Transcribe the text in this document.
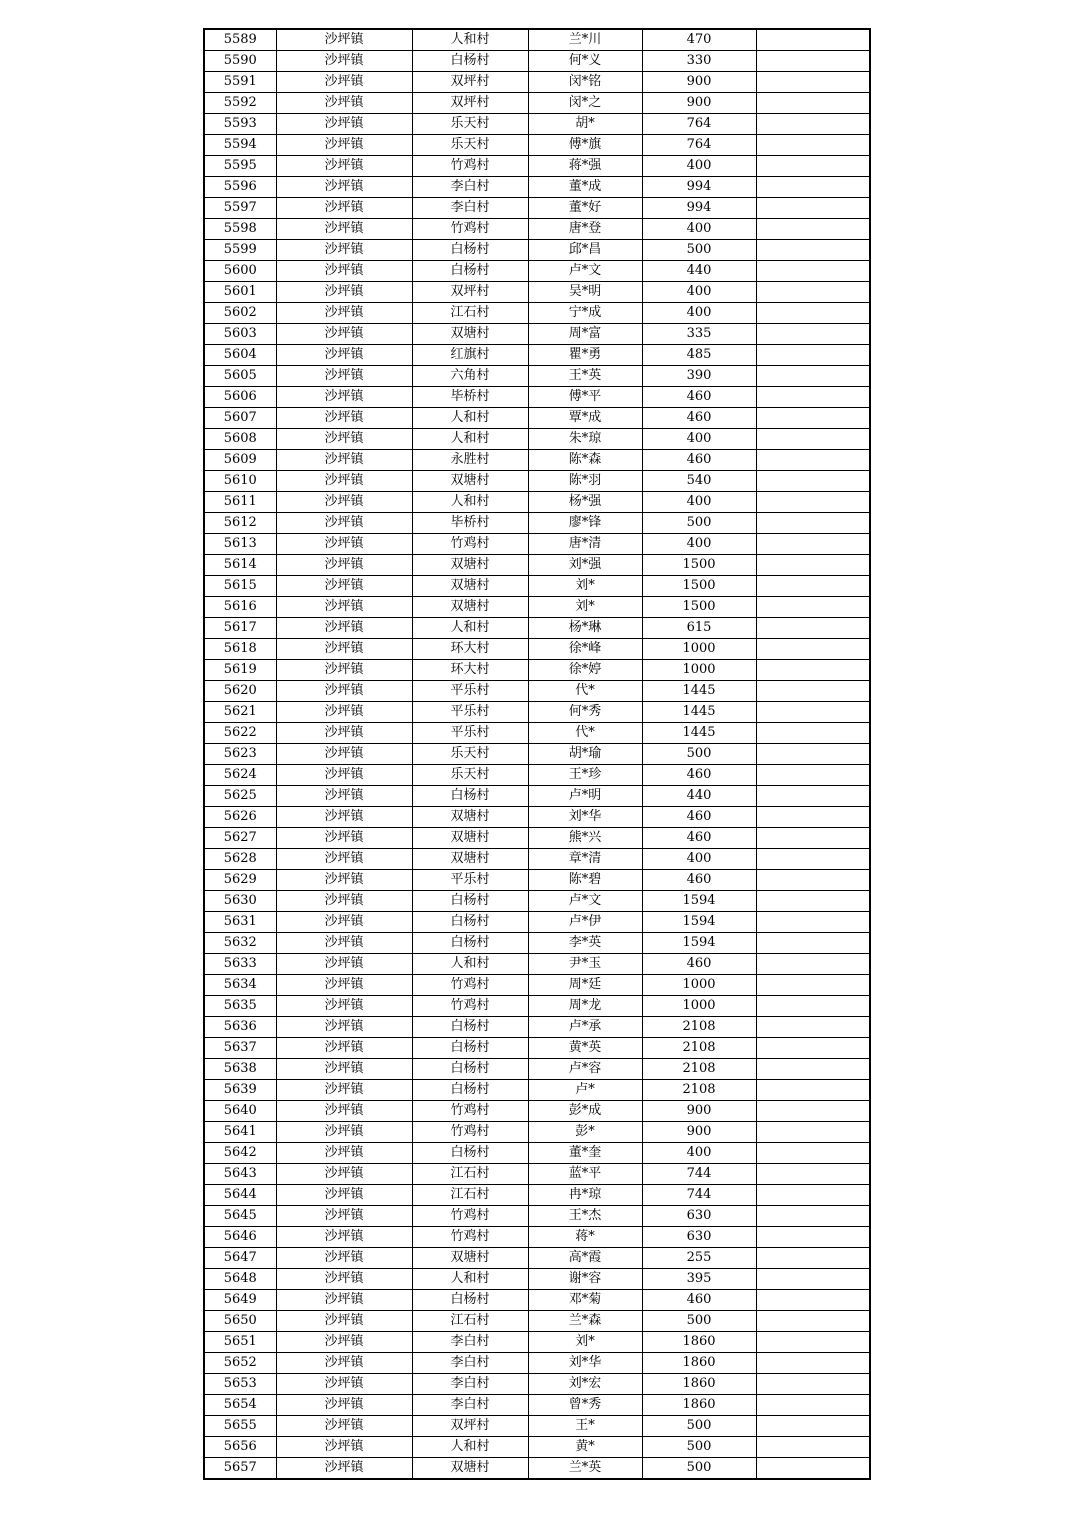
5589	沙坪镇	人和村	兰*川	470	
5590	沙坪镇	白杨村	何*义	330	
5591	沙坪镇	双坪村	闵*铭	900	
5592	沙坪镇	双坪村	闵*之	900	
5593	沙坪镇	乐天村	胡*	764	
5594	沙坪镇	乐天村	傅*旗	764	
5595	沙坪镇	竹鸡村	蒋*强	400	
5596	沙坪镇	李白村	董*成	994	
5597	沙坪镇	李白村	董*好	994	
5598	沙坪镇	竹鸡村	唐*登	400	
5599	沙坪镇	白杨村	邱*昌	500	
5600	沙坪镇	白杨村	卢*文	440	
5601	沙坪镇	双坪村	吴*明	400	
5602	沙坪镇	江石村	宁*成	400	
5603	沙坪镇	双塘村	周*富	335	
5604	沙坪镇	红旗村	瞿*勇	485	
5605	沙坪镇	六角村	王*英	390	
5606	沙坪镇	毕桥村	傅*平	460	
5607	沙坪镇	人和村	覃*成	460	
5608	沙坪镇	人和村	朱*琼	400	
5609	沙坪镇	永胜村	陈*森	460	
5610	沙坪镇	双塘村	陈*羽	540	
5611	沙坪镇	人和村	杨*强	400	
5612	沙坪镇	毕桥村	廖*锋	500	
5613	沙坪镇	竹鸡村	唐*清	400	
5614	沙坪镇	双塘村	刘*强	1500	
5615	沙坪镇	双塘村	刘*	1500	
5616	沙坪镇	双塘村	刘*	1500	
5617	沙坪镇	人和村	杨*琳	615	
5618	沙坪镇	环大村	徐*峰	1000	
5619	沙坪镇	环大村	徐*婷	1000	
5620	沙坪镇	平乐村	代*	1445	
5621	沙坪镇	平乐村	何*秀	1445	
5622	沙坪镇	平乐村	代*	1445	
5623	沙坪镇	乐天村	胡*瑜	500	
5624	沙坪镇	乐天村	王*珍	460	
5625	沙坪镇	白杨村	卢*明	440	
5626	沙坪镇	双塘村	刘*华	460	
5627	沙坪镇	双塘村	熊*兴	460	
5628	沙坪镇	双塘村	章*清	400	
5629	沙坪镇	平乐村	陈*碧	460	
5630	沙坪镇	白杨村	卢*文	1594	
5631	沙坪镇	白杨村	卢*伊	1594	
5632	沙坪镇	白杨村	李*英	1594	
5633	沙坪镇	人和村	尹*玉	460	
5634	沙坪镇	竹鸡村	周*廷	1000	
5635	沙坪镇	竹鸡村	周*龙	1000	
5636	沙坪镇	白杨村	卢*承	2108	
5637	沙坪镇	白杨村	黄*英	2108	
5638	沙坪镇	白杨村	卢*容	2108	
5639	沙坪镇	白杨村	卢*	2108	
5640	沙坪镇	竹鸡村	彭*成	900	
5641	沙坪镇	竹鸡村	彭*	900	
5642	沙坪镇	白杨村	董*奎	400	
5643	沙坪镇	江石村	蓝*平	744	
5644	沙坪镇	江石村	冉*琼	744	
5645	沙坪镇	竹鸡村	王*杰	630	
5646	沙坪镇	竹鸡村	蒋*	630	
5647	沙坪镇	双塘村	高*霞	255	
5648	沙坪镇	人和村	谢*容	395	
5649	沙坪镇	白杨村	邓*菊	460	
5650	沙坪镇	江石村	兰*森	500	
5651	沙坪镇	李白村	刘*	1860	
5652	沙坪镇	李白村	刘*华	1860	
5653	沙坪镇	李白村	刘*宏	1860	
5654	沙坪镇	李白村	曾*秀	1860	
5655	沙坪镇	双坪村	王*	500	
5656	沙坪镇	人和村	黄*	500	
5657	沙坪镇	双塘村	兰*英	500	
